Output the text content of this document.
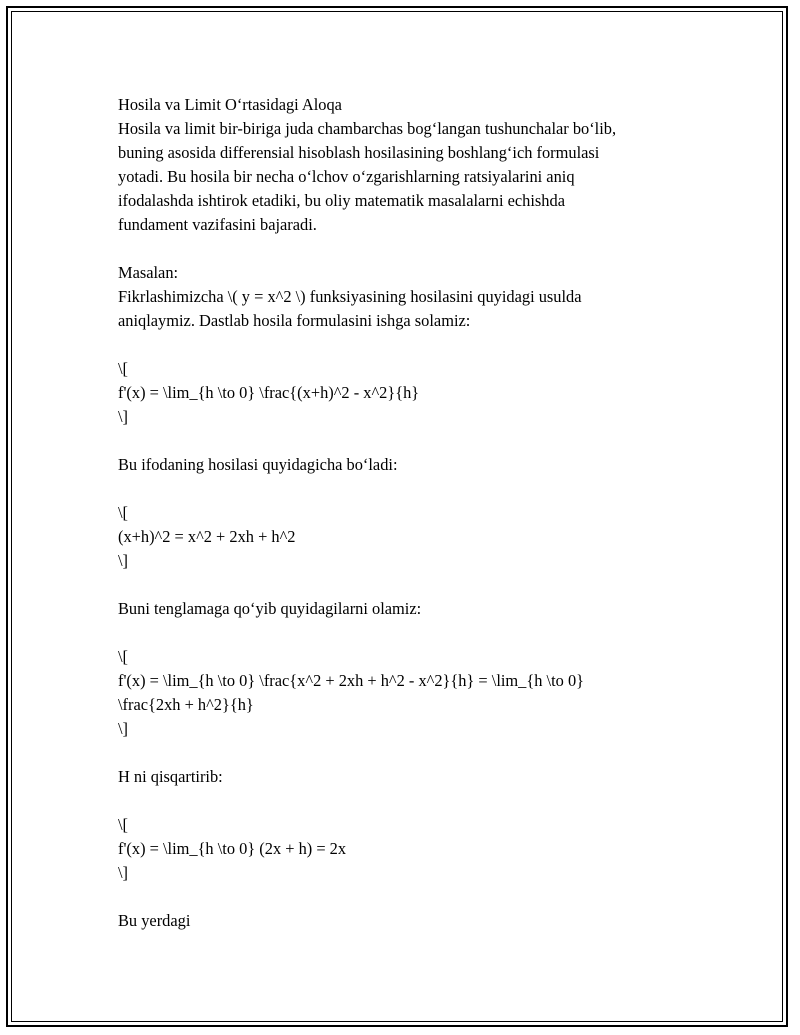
Hosila va Limit O‘rtasidagi Aloqa
Hosila va limit bir-biriga juda chambarchas bog‘langan tushunchalar bo‘lib,
buning asosida differensial hisoblash hosilasining boshlang‘ich formulasi
yotadi. Bu hosila bir necha o‘lchov o‘zgarishlarning ratsiyalarini aniq
ifodalashda ishtirok etadiki, bu oliy matematik masalalarni echishda
fundament vazifasini bajaradi.
Masalan:
Fikrlashimizcha \( y = x^2 \) funksiyasining hosilasini quyidagi usulda
aniqlaymiz. Dastlab hosila formulasini ishga solamiz:
\[
f'(x) = \lim_{h \to 0} \frac{(x+h)^2 - x^2}{h}
\]
Bu ifodaning hosilasi quyidagicha bo‘ladi:
\[
(x+h)^2 = x^2 + 2xh + h^2
\]
Buni tenglamaga qo‘yib quyidagilarni olamiz:
\[
f'(x) = \lim_{h \to 0} \frac{x^2 + 2xh + h^2 - x^2}{h} = \lim_{h \to 0}
\frac{2xh + h^2}{h}
\]
H ni qisqartirib:
\[
f'(x) = \lim_{h \to 0} (2x + h) = 2x
\]
Bu yerdagi
